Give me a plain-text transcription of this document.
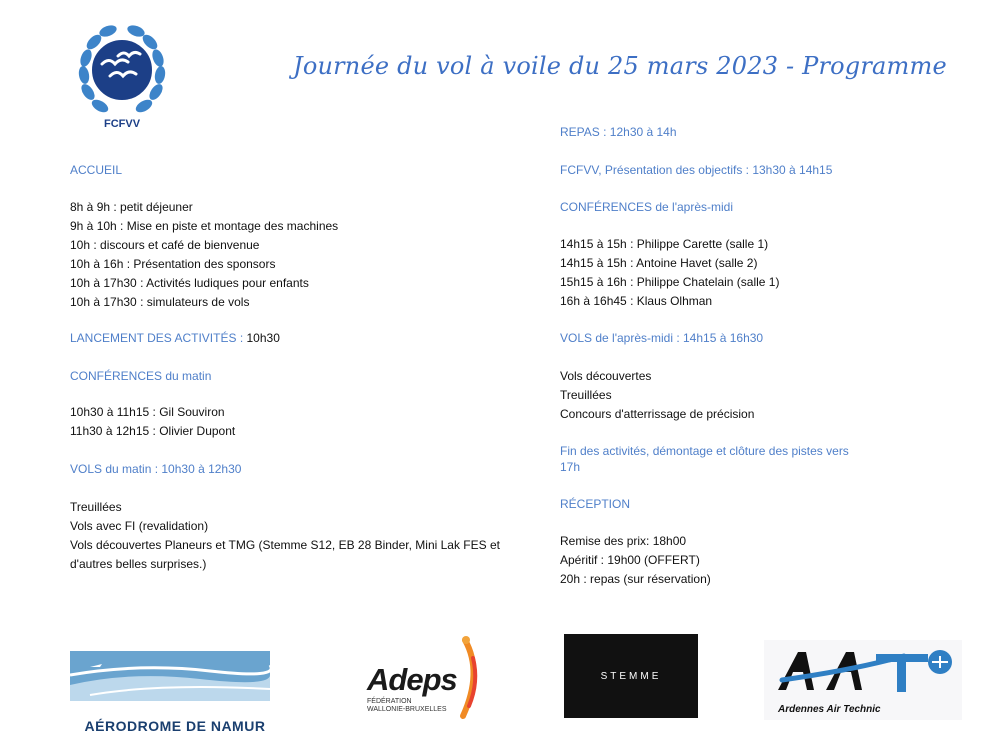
FCFVV
Journée du vol à voile du 25 mars 2023 - Programme
ACCUEIL
8h à 9h : petit déjeuner
9h à 10h : Mise en piste et montage des machines
10h : discours et café de bienvenue
10h à 16h : Présentation des sponsors
10h à 17h30 : Activités ludiques pour enfants
10h à 17h30 : simulateurs de vols
LANCEMENT DES ACTIVITÉS : 10h30
CONFÉRENCES du matin
10h30 à 11h15 : Gil Souviron
11h30 à 12h15 : Olivier Dupont
VOLS du matin : 10h30 à 12h30
Treuillées
Vols avec FI (revalidation)
Vols découvertes Planeurs et TMG (Stemme S12, EB 28 Binder, Mini Lak FES et d'autres belles surprises.)
REPAS : 12h30 à 14h
FCFVV, Présentation des objectifs : 13h30 à 14h15
CONFÉRENCES de l'après-midi
14h15 à 15h : Philippe Carette (salle 1)
14h15 à 15h : Antoine Havet (salle 2)
15h15 à 16h : Philippe Chatelain (salle 1)
16h à 16h45 : Klaus Olhman
VOLS de l'après-midi : 14h15 à 16h30
Vols découvertes
Treuillées
Concours d'atterrissage de précision
Fin des activités, démontage et clôture des pistes vers 17h
RÉCEPTION
Remise des prix: 18h00
Apéritif : 19h00 (OFFERT)
20h : repas (sur réservation)
AÉRODROME DE NAMUR
Adeps
FÉDÉRATION
WALLONIE-BRUXELLES
STEMME
Ardennes Air Technic
